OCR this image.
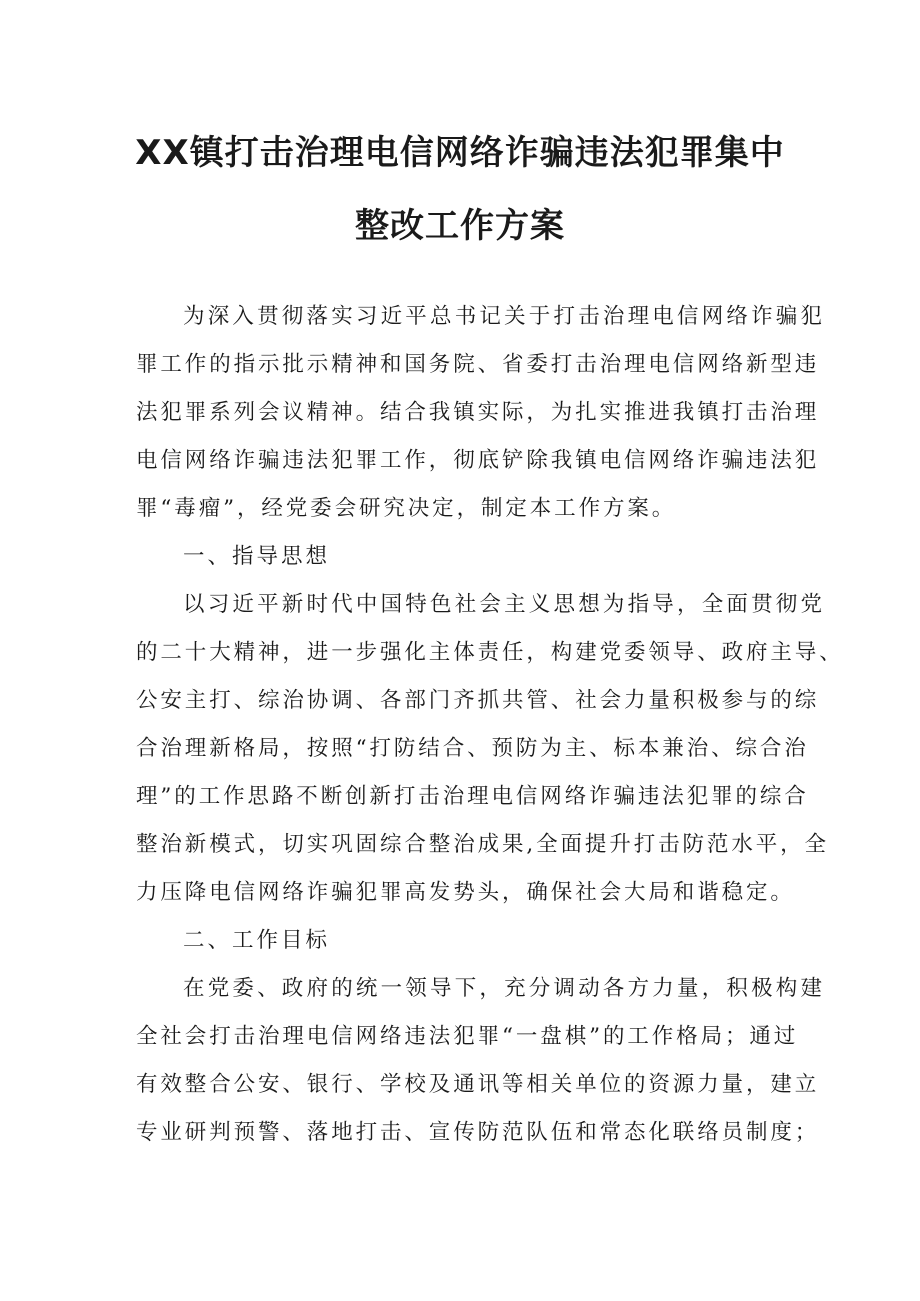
XX镇打击治理电信网络诈骗违法犯罪集中
整改工作方案
为深入贯彻落实习近平总书记关于打击治理电信网络诈骗犯
罪工作的指示批示精神和国务院、省委打击治理电信网络新型违
法犯罪系列会议精神。结合我镇实际，为扎实推进我镇打击治理
电信网络诈骗违法犯罪工作，彻底铲除我镇电信网络诈骗违法犯
罪“毒瘤”，经党委会研究决定，制定本工作方案。
一、指导思想
以习近平新时代中国特色社会主义思想为指导，全面贯彻党
的二十大精神，进一步强化主体责任，构建党委领导、政府主导、
公安主打、综治协调、各部门齐抓共管、社会力量积极参与的综
合治理新格局，按照“打防结合、预防为主、标本兼治、综合治
理”的工作思路不断创新打击治理电信网络诈骗违法犯罪的综合
整治新模式，切实巩固综合整治成果,全面提升打击防范水平，全
力压降电信网络诈骗犯罪高发势头，确保社会大局和谐稳定。
二、工作目标
在党委、政府的统一领导下，充分调动各方力量，积极构建
全社会打击治理电信网络违法犯罪“一盘棋”的工作格局；通过
有效整合公安、银行、学校及通讯等相关单位的资源力量，建立
专业研判预警、落地打击、宣传防范队伍和常态化联络员制度；
